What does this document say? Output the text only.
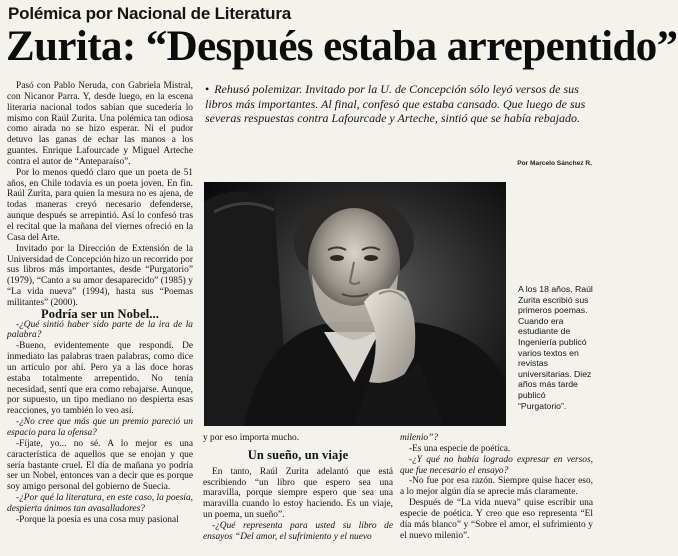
Polémica por Nacional de Literatura
Zurita: “Después estaba arrepentido”

Pasó con Pablo Neruda, con Gabriela Mistral, con Nicanor Parra. Y, desde luego, en la escena literaria nacional todos sabían que sucedería lo mismo con Raúl Zurita. Una polémica tan odiosa como airada no se hizo esperar. Ni el pudor detuvo las ganas de echar las manos a los guantes. Enrique Lafourcade y Miguel Arteche contra el autor de “Anteparaíso”.

Por lo menos quedó claro que un poeta de 51 años, en Chile todavía es un poeta joven. En fin. Raúl Zurita, para quien la mesura no es ajena, de todas maneras creyó necesario defenderse, aunque después se arrepintió. Así lo confesó tras el recital que la mañana del viernes ofreció en la Casa del Arte.

Invitado por la Dirección de Extensión de la Universidad de Concepción hizo un recorrido por sus libros más importantes, desde “Purgatorio” (1979), “Canto a su amor desaparecido” (1985) y “La vida nueva” (1994), hasta sus “Poemas militantes” (2000).

Podría ser un Nobel...

-¿Qué sintió haber sido parte de la ira de la palabra?

-Bueno, evidentemente que respondí. De inmediato las palabras traen palabras, como dice un artículo por ahí. Pero ya a las doce horas estaba totalmente arrepentido. No tenía necesidad, sentí que era como rebajarse. Aunque, por supuesto, un tipo mediano no despierta esas reacciones, yo también lo veo así.

-¿No cree que más que un premio pareció un espacio para la ofensa?

-Fíjate, yo... no sé. A lo mejor es una característica de aquellos que se enojan y que sería bastante cruel. El día de mañana yo podría ser un Nobel, entonces van a decir que es porque soy amigo personal del gobierno de Suecia.

-¿Por qué la literatura, en este caso, la poesía, despierta ánimos tan avasalladores?

-Porque la poesía es una cosa muy pasional

• Rehusó polemizar. Invitado por la U. de Concepción sólo leyó versos de sus libros más importantes. Al final, confesó que estaba cansado. Que luego de sus severas respuestas contra Lafourcade y Arteche, sintió que se había rebajado.
Por Marcelo Sánchez R.
A los 18 años, Raúl Zurita escribió sus primeros poemas. Cuando era estudiante de Ingeniería publicó varios textos en revistas universitarias. Diez años más tarde publicó “Purgatorio”.

y por eso importa mucho.

Un sueño, un viaje

En tanto, Raúl Zurita adelantó que está escribiendo “un libro que espero sea una maravilla, porque siempre espero que sea una maravilla cuando lo estoy haciendo. Es un viaje, un poema, un sueño”.

-¿Qué representa para usted su libro de ensayos “Del amor, el sufrimiento y el nuevo

milenio”?

-Es una especie de poética.

-¿Y qué no había logrado expresar en versos, que fue necesario el ensayo?

-No fue por esa razón. Siempre quise hacer eso, a lo mejor algún día se aprecie más claramente.

Después de “La vida nueva” quise escribir una especie de poética. Y creo que eso representa “El día más blanco” y “Sobre el amor, el sufrimiento y el nuevo milenio”.
